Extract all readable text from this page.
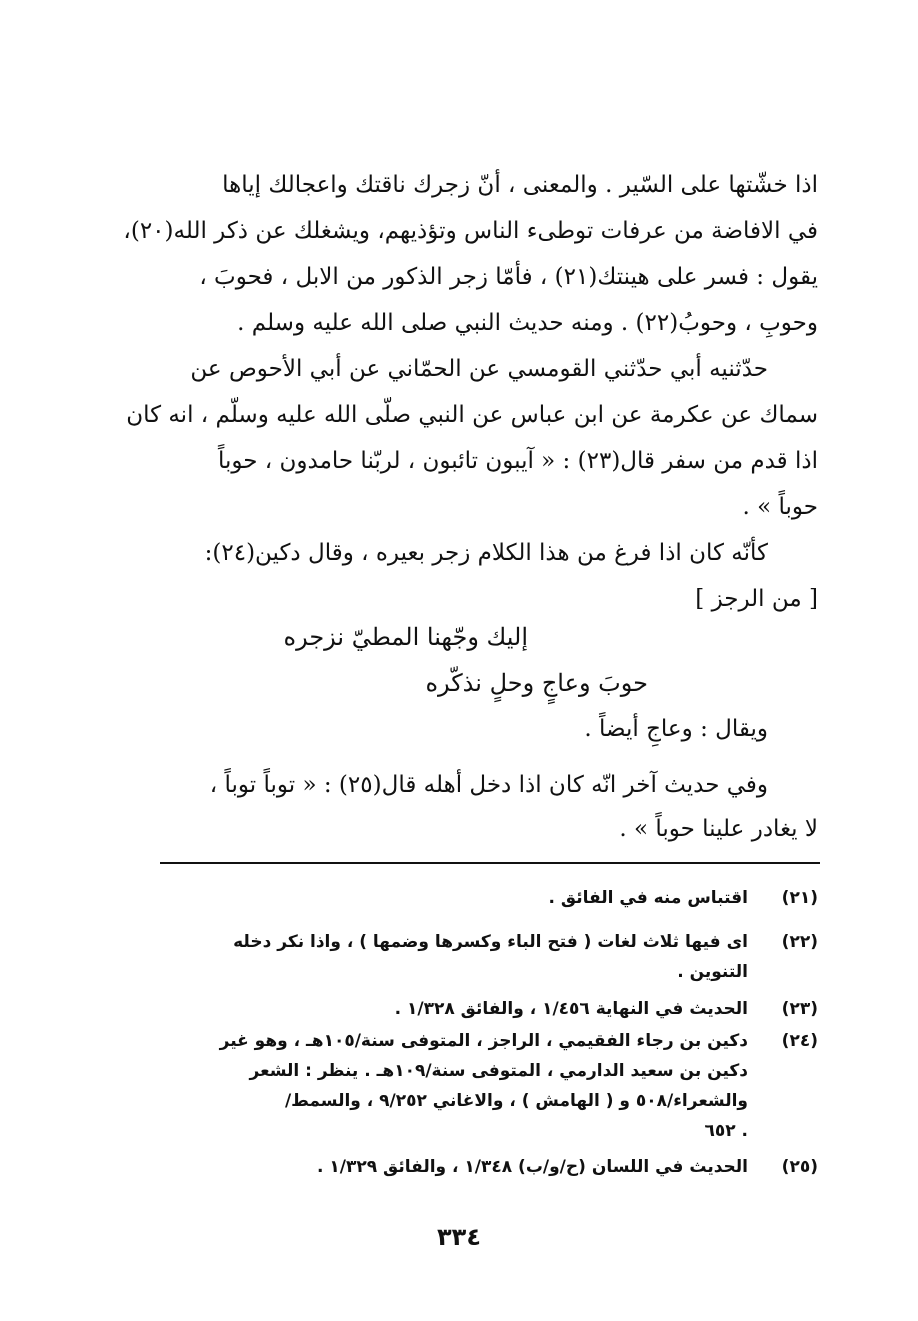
اذا خشّتها على السّير . والمعنى ، أنّ زجرك ناقتك واعجالك إياها
في الافاضة من عرفات توطىء الناس وتؤذيهم، ويشغلك عن ذكر الله(٢٠)،
يقول : فسر على هينتك(٢١) ، فأمّا زجر الذكور من الابل ، فحوبَ ،
وحوبِ ، وحوبُ(٢٢) . ومنه حديث النبي صلى الله عليه وسلم .
حدّثنيه أبي حدّثني القومسي عن الحمّاني عن أبي الأحوص عن
سماك عن عكرمة عن ابن عباس عن النبي صلّى الله عليه وسلّم ، انه كان
اذا قدم من سفر قال(٢٣) : « آيبون تائبون ، لربّنا حامدون ، حوباً
حوباً » .
كأنّه كان اذا فرغ من هذا الكلام زجر بعيره ، وقال دكين(٢٤):
[ من الرجز ]
إليك وجّهنا المطيّ نزجره
حوبَ وعاجٍ وحلٍ نذكّره
ويقال : وعاجِ أيضاً .
وفي حديث آخر انّه كان اذا دخل أهله قال(٢٥) : « توباً توباً ،
لا يغادر علينا حوباً » .
(٢١)
اقتباس منه في الفائق .
(٢٢)
اى فيها ثلاث لغات ( فتح الباء وكسرها وضمها ) ، واذا نكر دخله
التنوين .
(٢٣)
الحديث في النهاية ١/٤٥٦ ، والفائق ١/٣٢٨ .
(٢٤)
دكين بن رجاء الفقيمي ، الراجز ، المتوفى سنة/١٠٥هـ ، وهو غير
دكين بن سعيد الدارمي ، المتوفى سنة/١٠٩هـ . ينظر : الشعر
والشعراء/٥٠٨ و ( الهامش ) ، والاغاني ٩/٢٥٢ ، والسمط/
٦٥٢ .
(٢٥)
الحديث في اللسان (ح/و/ب) ١/٣٤٨ ، والفائق ١/٣٢٩ .
٣٣٤
